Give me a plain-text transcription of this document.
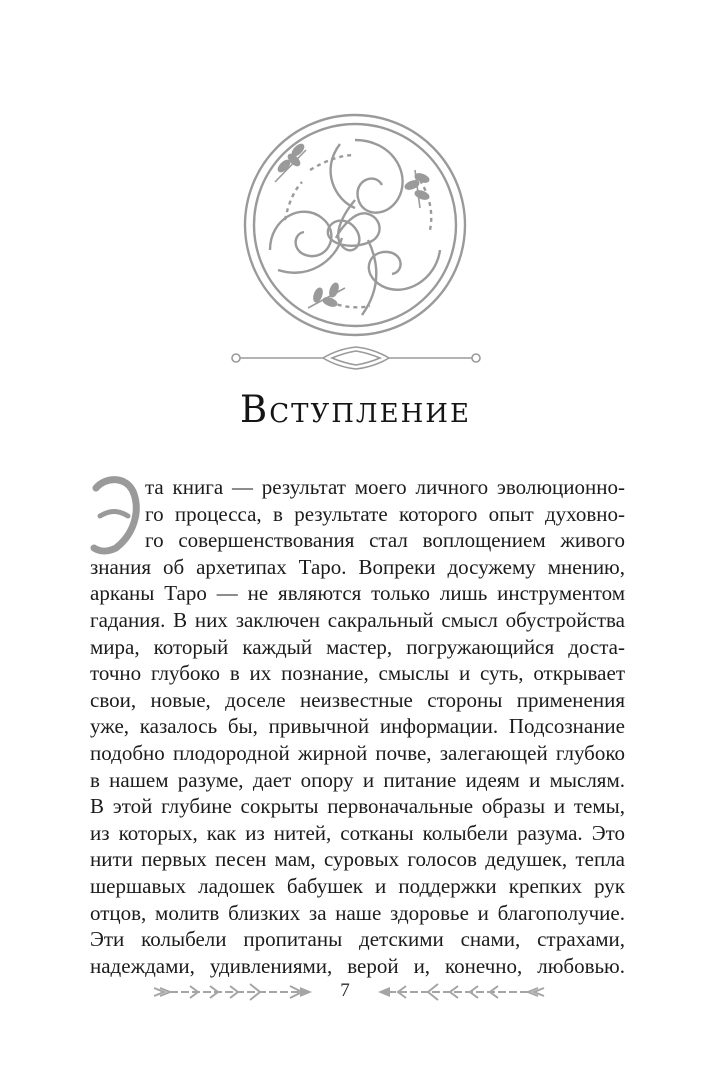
Вступление
Э
та книга — результат моего личного эволюционно-
го процесса, в результате которого опыт духовно-
го совершенствования стал воплощением живого
знания об архетипах Таро. Вопреки досужему мнению,
арканы Таро — не являются только лишь инструментом
гадания. В них заключен сакральный смысл обустройства
мира, который каждый мастер, погружающийся доста-
точно глубоко в их познание, смыслы и суть, открывает
свои, новые, доселе неизвестные стороны применения
уже, казалось бы, привычной информации. Подсознание
подобно плодородной жирной почве, залегающей глубоко
в нашем разуме, дает опору и питание идеям и мыслям.
В этой глубине сокрыты первоначальные образы и темы,
из которых, как из нитей, сотканы колыбели разума. Это
нити первых песен мам, суровых голосов дедушек, тепла
шершавых ладошек бабушек и поддержки крепких рук
отцов, молитв близких за наше здоровье и благополучие.
Эти колыбели пропитаны детскими снами, страхами,
надеждами, удивлениями, верой и, конечно, любовью.
7
